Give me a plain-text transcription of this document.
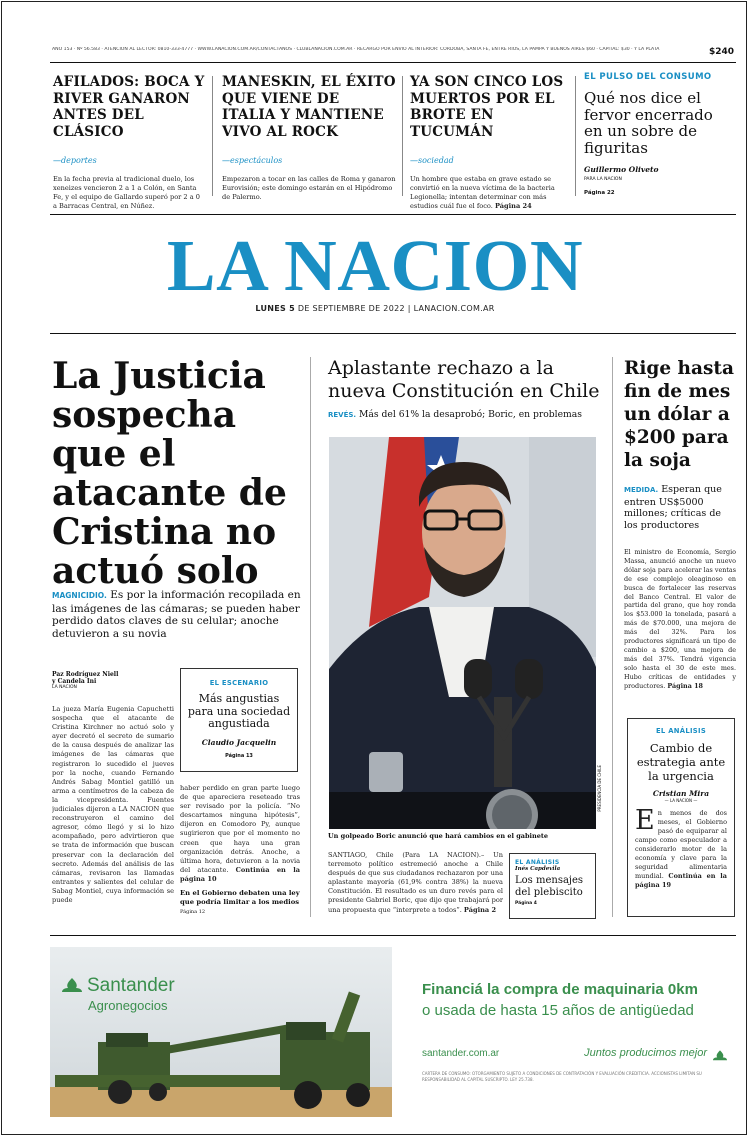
AÑO 153 · Nº 56.583 · ATENCIÓN AL LECTOR: 0810-333-4777 · WWW.LANACION.COM.AR/CONTACTANOS · CLUBLANACION.COM.AR · RECARGO POR ENVÍO AL INTERIOR: CÓRDOBA, SANTA FE, ENTRE RÍOS, LA PAMPA Y BUENOS AIRES $60 · CAPITAL: $30 · Y LA PLATA	$240
AFILADOS: BOCA Y RIVER GANARON ANTES DEL CLÁSICO
—deportes
En la fecha previa al tradicional duelo, los xeneizes vencieron 2 a 1 a Colón, en Santa Fe, y el equipo de Gallardo superó por 2 a 0 a Barracas Central, en Núñez.
MANESKIN, EL ÉXITO QUE VIENE DE ITALIA Y MANTIENE VIVO AL ROCK
—espectáculos
Empezaron a tocar en las calles de Roma y ganaron Eurovisión; este domingo estarán en el Hipódromo de Palermo.
YA SON CINCO LOS MUERTOS POR EL BROTE EN TUCUMÁN
—sociedad
Un hombre que estaba en grave estado se convirtió en la nueva víctima de la bacteria Legionella; intentan determinar con más estudios cuál fue el foco. Página 24
EL PULSO DEL CONSUMO
Qué nos dice el fervor encerrado en un sobre de figuritas
Guillermo Oliveto
PARA LA NACION
Página 22
LA NACION
LUNES 5 DE SEPTIEMBRE DE 2022 | LANACION.COM.AR
La Justicia sospecha que el atacante de Cristina no actuó solo
MAGNICIDIO. Es por la información recopilada en las imágenes de las cámaras; se pueden haber perdido datos claves de su celular; anoche detuvieron a su novia
Paz Rodríguez Niell
y Candela Ini
LA NACION
La jueza María Eugenia Capuchetti sospecha que el atacante de Cristina Kirchner no actuó solo y ayer decretó el secreto de sumario de la causa después de analizar las imágenes de las cámaras que registraron lo sucedido el jueves por la noche, cuando Fernando Andrés Sabag Montiel gatilló un arma a centímetros de la cabeza de la vicepresidenta. Fuentes judiciales dijeron a LA NACION que reconstruyeron el camino del agresor, cómo llegó y si lo hizo acompañado, pero advirtieron que se trata de información que buscan preservar con la declaración del secreto. Además del análisis de las cámaras, revisaron las llamadas entrantes y salientes del celular de Sabag Montiel, cuya información se puede
EL ESCENARIO
Más angustias para una sociedad angustiada
Claudio Jacquelin
Página 13
haber perdido en gran parte luego de que apareciera reseteado tras ser revisado por la policía. “No descartamos ninguna hipótesis”, dijeron en Comodoro Py, aunque sugirieron que por el momento no creen que haya una gran organización detrás. Anoche, a última hora, detuvieron a la novia del atacante. Continúa en la página 10
En el Gobierno debaten una ley que podría limitar a los medios Página 12
Aplastante rechazo a la nueva Constitución en Chile
REVÉS. Más del 61% la desaprobó; Boric, en problemas
PRESIDENCIA DE CHILE
Un golpeado Boric anunció que hará cambios en el gabinete
SANTIAGO, Chile (Para LA NACION).– Un terremoto político estremeció anoche a Chile después de que sus ciudadanos rechazaron por una aplastante mayoría (61,9% contra 38%) la nueva Constitución. El resultado es un duro revés para el presidente Gabriel Boric, que dijo que trabajará por una propuesta que “interprete a todos”. Página 2
EL ANÁLISIS
Inés Capdevila
Los mensajes del plebiscito
Página 4
Rige hasta fin de mes un dólar a $200 para la soja
MEDIDA. Esperan que entren US$5000 millones; críticas de los productores
El ministro de Economía, Sergio Massa, anunció anoche un nuevo dólar soja para acelerar las ventas de ese complejo oleaginoso en busca de fortalecer las reservas del Banco Central. El valor de partida del grano, que hoy ronda los $53.000 la tonelada, pasará a más de $70.000, una mejora de más del 32%. Para los productores significará un tipo de cambio a $200, una mejora de más del 37%. Tendrá vigencia solo hasta el 30 de este mes. Hubo críticas de entidades y productores. Página 18
EL ANÁLISIS
Cambio de estrategia ante la urgencia
Cristian Mira
— LA NACION —
En menos de dos meses, el Gobierno pasó de equiparar al campo como especulador a considerarlo motor de la economía y clave para la seguridad alimentaria mundial. Continúa en la página 19
Santander
Agronegocios
Financiá la compra de maquinaria 0km
o usada de hasta 15 años de antigüedad
santander.com.ar	Juntos producimos mejor
CARTERA DE CONSUMO: OTORGAMIENTO SUJETO A CONDICIONES DE CONTRATACIÓN Y EVALUACIÓN CREDITICIA. ACCIONISTAS LIMITAN SU RESPONSABILIDAD AL CAPITAL SUSCRIPTO. LEY 25.738.
